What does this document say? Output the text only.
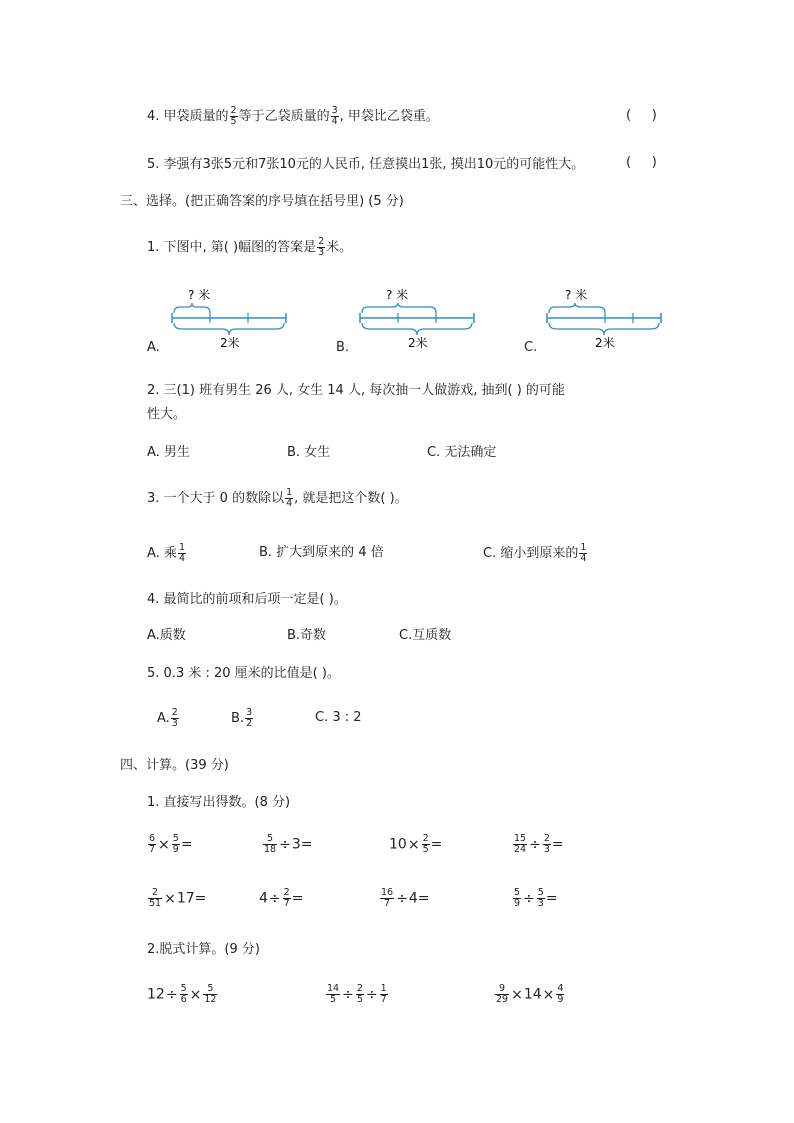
4. 甲袋质量的 $\frac{2}{5}$ 等于乙袋质量的 $\frac{3}{4}$ , 甲袋比乙袋重。	(     )
5. 李强有3张5元和7张10元的人民币, 任意摸出1张, 摸出10元的可能性大。	(     )
三、选择。(把正确答案的序号填在括号里) (5 分)
1. 下图中, 第( )幅图的答案是 $\frac{2}{3}$ 米。
? 米
2米
A.
? 米
2米
B.
? 米
2米
C.
2. 三(1) 班有男生 26 人, 女生 14 人, 每次抽一人做游戏, 抽到( ) 的可能
性大。
A. 男生	B. 女生	C. 无法确定
3. 一个大于 0 的数除以 $\frac{1}{4}$ , 就是把这个数( )。
A. 乘 $\frac{1}{4}$	B. 扩大到原来的 4 倍	C. 缩小到原来的 $\frac{1}{4}$
4. 最简比的前项和后项一定是( )。
A.质数	B.奇数	C.互质数
5. 0.3 米 : 20 厘米的比值是( )。
A. $\frac{2}{3}$	B. $\frac{3}{2}$	C. 3 : 2
四、计算。(39 分)
1. 直接写出得数。(8 分)
$\frac{6}{7} \times \frac{5}{9}$ =	$\frac{5}{18} \div 3=$	$10\times \frac{2}{5}$ =	$\frac{15}{24} \div \frac{2}{3}$ =
$\frac{2}{51} \times 17=$	$4\div \frac{2}{7}$ =	$\frac{16}{7} \div 4=$	$\frac{5}{9} \div \frac{5}{3}$ =
2.脱式计算。(9 分)
$12\div \frac{5}{6} \times \frac{5}{12}$	$\frac{14}{5} \div \frac{2}{5} \div \frac{1}{7}$	$\frac{9}{29} \times 14\times \frac{4}{9}$
